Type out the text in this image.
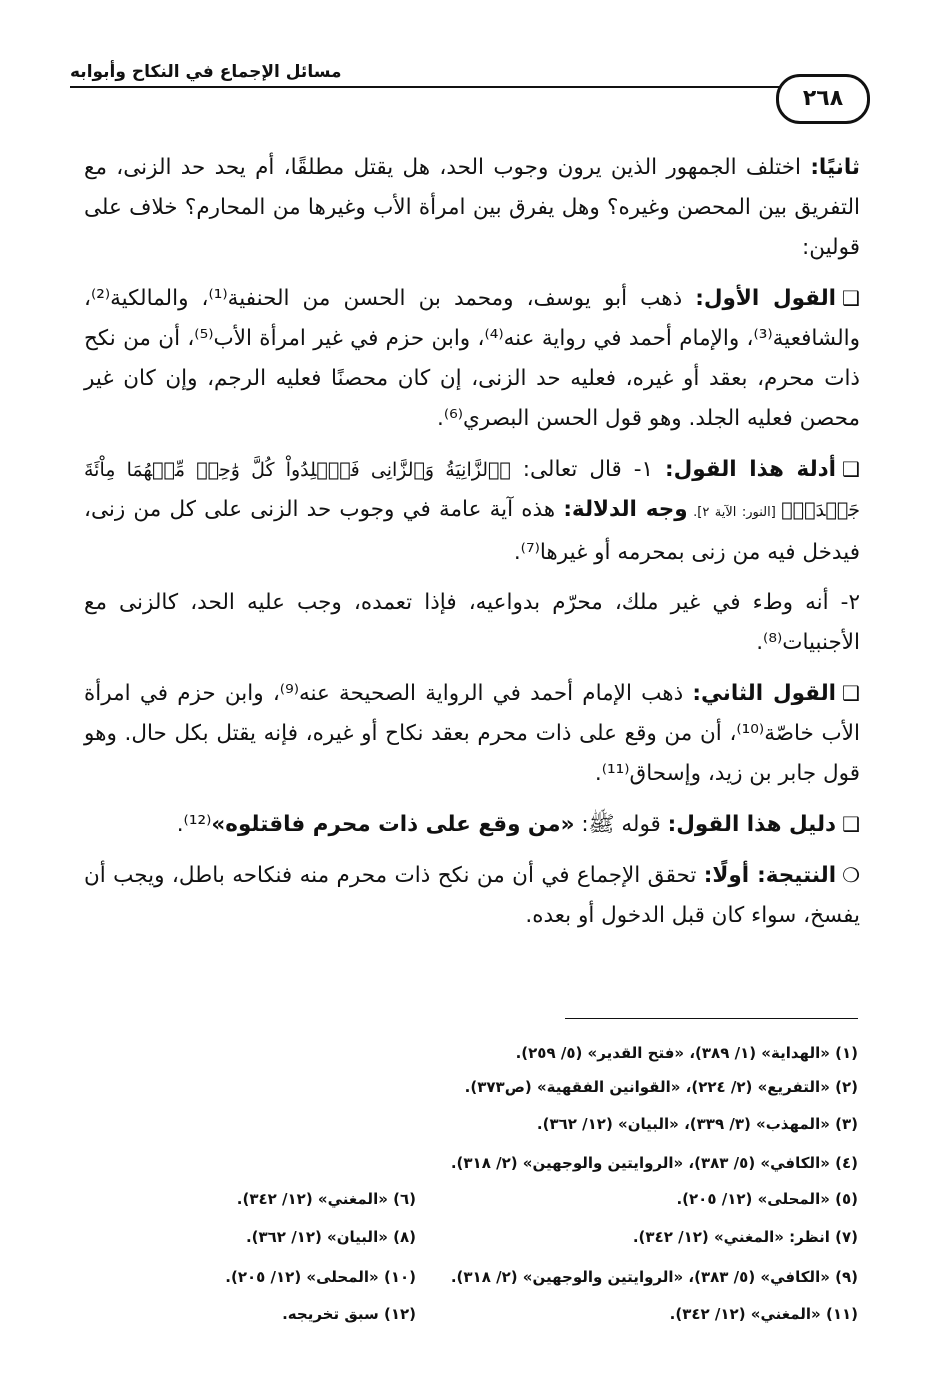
مسائل الإجماع في النكاح وأبوابه
٢٦٨

ثانيًا: اختلف الجمهور الذين يرون وجوب الحد، هل يقتل مطلقًا، أم يحد حد الزنى، مع التفريق بين المحصن وغيره؟ وهل يفرق بين امرأة الأب وغيرها من المحارم؟ خلاف على قولين:

❑القول الأول: ذهب أبو يوسف، ومحمد بن الحسن من الحنفية⁽¹⁾، والمالكية⁽²⁾، والشافعية⁽³⁾، والإمام أحمد في رواية عنه⁽⁴⁾، وابن حزم في غير امرأة الأب⁽⁵⁾، أن من نكح ذات محرم، بعقد أو غيره، فعليه حد الزنى، إن كان محصنًا فعليه الرجم، وإن كان غير محصن فعليه الجلد. وهو قول الحسن البصري⁽⁶⁾.

❑أدلة هذا القول: ١- قال تعالى: ﴿ٱلزَّانِيَةُ وَٱلزَّانِى فَٱجۡلِدُواْ كُلَّ وَٰحِدٖ مِّنۡهُمَا مِاْئَةَ جَلۡدَةٖ﴾ [النور: الآية ٢]. وجه الدلالة: هذه آية عامة في وجوب حد الزنى على كل من زنى، فيدخل فيه من زنى بمحرمه أو غيرها⁽⁷⁾.

٢- أنه وطء في غير ملك، محرّم بدواعيه، فإذا تعمده، وجب عليه الحد، كالزنى مع الأجنبيات⁽⁸⁾.

❑القول الثاني: ذهب الإمام أحمد في الرواية الصحيحة عنه⁽⁹⁾، وابن حزم في امرأة الأب خاصّة⁽¹⁰⁾، أن من وقع على ذات محرم بعقد نكاح أو غيره، فإنه يقتل بكل حال. وهو قول جابر بن زيد، وإسحاق⁽¹¹⁾.

❑دليل هذا القول: قوله ﷺ: «من وقع على ذات محرم فاقتلوه»⁽¹²⁾.

❍النتيجة: أولًا: تحقق الإجماع في أن من نكح ذات محرم منه فنكاحه باطل، ويجب أن يفسخ، سواء كان قبل الدخول أو بعده.

(١) «الهداية» (١/ ٣٨٩)، «فتح القدير» (٥/ ٢٥٩).
(٢) «التفريع» (٢/ ٢٢٤)، «القوانين الفقهية» (ص٣٧٣).
(٣) «المهذب» (٣/ ٣٣٩)، «البيان» (١٢/ ٣٦٢).
(٤) «الكافي» (٥/ ٣٨٣)، «الروايتين والوجهين» (٢/ ٣١٨).
(٥) «المحلى» (١٢/ ٢٠٥).
(٦) «المغني» (١٢/ ٣٤٢).
(٧) انظر: «المغني» (١٢/ ٣٤٢).
(٨) «البيان» (١٢/ ٣٦٢).
(٩) «الكافي» (٥/ ٣٨٣)، «الروايتين والوجهين» (٢/ ٣١٨).
(١٠) «المحلى» (١٢/ ٢٠٥).
(١١) «المغني» (١٢/ ٣٤٢).
(١٢) سبق تخريجه.
